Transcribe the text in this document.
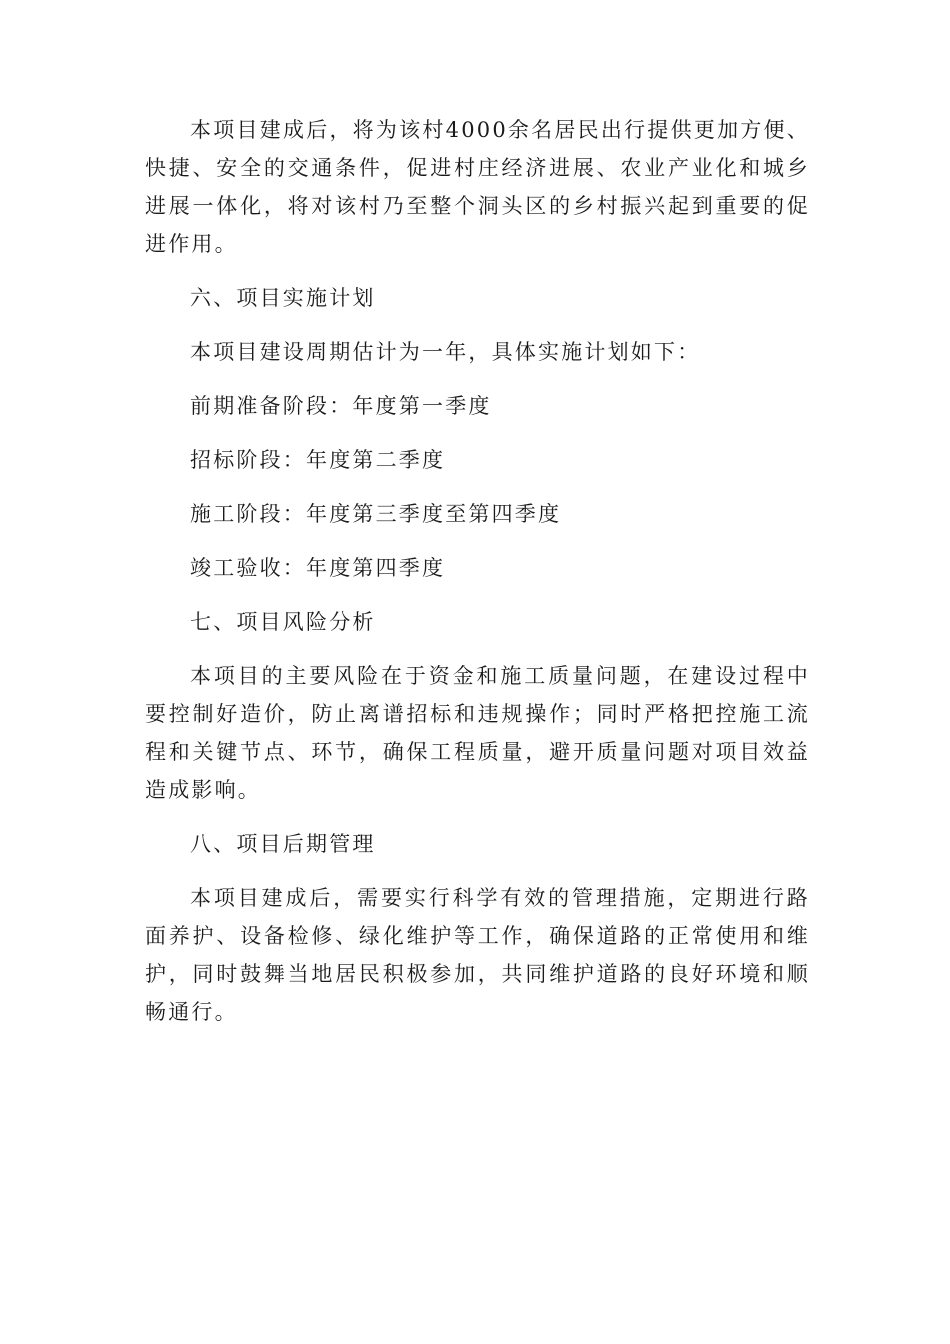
本项目建成后，将为该村4000余名居民出行提供更加方便、快捷、安全的交通条件，促进村庄经济进展、农业产业化和城乡进展一体化，将对该村乃至整个洞头区的乡村振兴起到重要的促进作用。

六、项目实施计划

本项目建设周期估计为一年，具体实施计划如下：

前期准备阶段：年度第一季度

招标阶段：年度第二季度

施工阶段：年度第三季度至第四季度

竣工验收：年度第四季度

七、项目风险分析

本项目的主要风险在于资金和施工质量问题，在建设过程中要控制好造价，防止离谱招标和违规操作；同时严格把控施工流程和关键节点、环节，确保工程质量，避开质量问题对项目效益造成影响。

八、项目后期管理

本项目建成后，需要实行科学有效的管理措施，定期进行路面养护、设备检修、绿化维护等工作，确保道路的正常使用和维护，同时鼓舞当地居民积极参加，共同维护道路的良好环境和顺畅通行。
